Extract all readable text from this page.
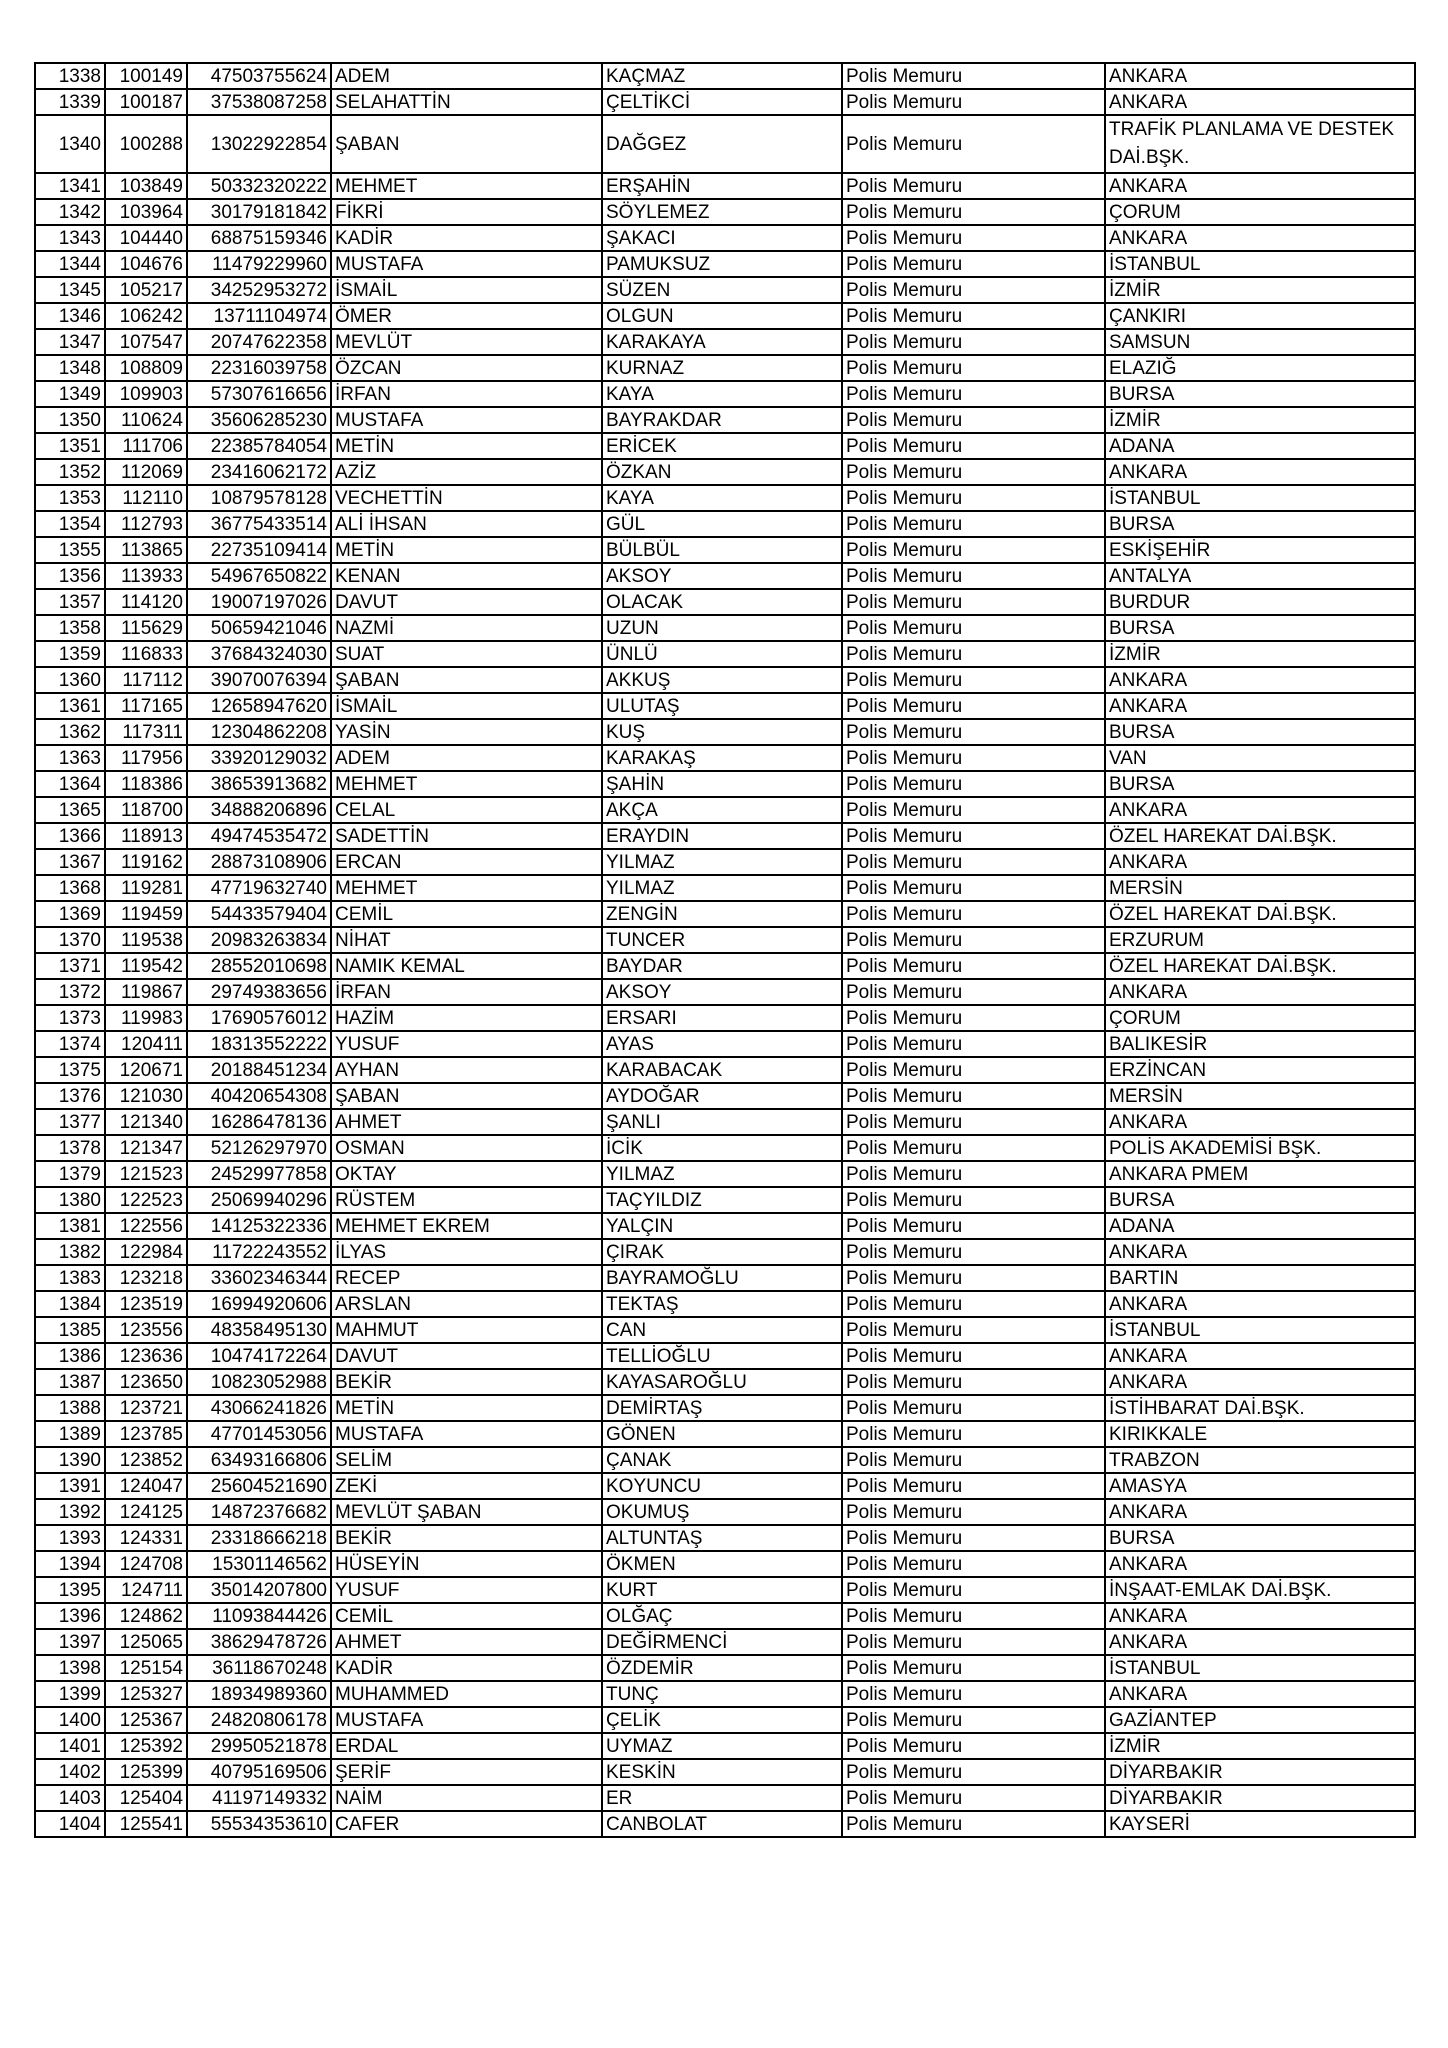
1338	100149	47503755624	ADEM	KAÇMAZ	Polis Memuru	ANKARA
1339	100187	37538087258	SELAHATTİN	ÇELTİKCİ	Polis Memuru	ANKARA
1340	100288	13022922854	ŞABAN	DAĞGEZ	Polis Memuru	TRAFİK PLANLAMA VE DESTEK DAİ.BŞK.
1341	103849	50332320222	MEHMET	ERŞAHİN	Polis Memuru	ANKARA
1342	103964	30179181842	FİKRİ	SÖYLEMEZ	Polis Memuru	ÇORUM
1343	104440	68875159346	KADİR	ŞAKACI	Polis Memuru	ANKARA
1344	104676	11479229960	MUSTAFA	PAMUKSUZ	Polis Memuru	İSTANBUL
1345	105217	34252953272	İSMAİL	SÜZEN	Polis Memuru	İZMİR
1346	106242	13711104974	ÖMER	OLGUN	Polis Memuru	ÇANKIRI
1347	107547	20747622358	MEVLÜT	KARAKAYA	Polis Memuru	SAMSUN
1348	108809	22316039758	ÖZCAN	KURNAZ	Polis Memuru	ELAZIĞ
1349	109903	57307616656	İRFAN	KAYA	Polis Memuru	BURSA
1350	110624	35606285230	MUSTAFA	BAYRAKDAR	Polis Memuru	İZMİR
1351	111706	22385784054	METİN	ERİCEK	Polis Memuru	ADANA
1352	112069	23416062172	AZİZ	ÖZKAN	Polis Memuru	ANKARA
1353	112110	10879578128	VECHETTİN	KAYA	Polis Memuru	İSTANBUL
1354	112793	36775433514	ALİ İHSAN	GÜL	Polis Memuru	BURSA
1355	113865	22735109414	METİN	BÜLBÜL	Polis Memuru	ESKİŞEHİR
1356	113933	54967650822	KENAN	AKSOY	Polis Memuru	ANTALYA
1357	114120	19007197026	DAVUT	OLACAK	Polis Memuru	BURDUR
1358	115629	50659421046	NAZMİ	UZUN	Polis Memuru	BURSA
1359	116833	37684324030	SUAT	ÜNLÜ	Polis Memuru	İZMİR
1360	117112	39070076394	ŞABAN	AKKUŞ	Polis Memuru	ANKARA
1361	117165	12658947620	İSMAİL	ULUTAŞ	Polis Memuru	ANKARA
1362	117311	12304862208	YASİN	KUŞ	Polis Memuru	BURSA
1363	117956	33920129032	ADEM	KARAKAŞ	Polis Memuru	VAN
1364	118386	38653913682	MEHMET	ŞAHİN	Polis Memuru	BURSA
1365	118700	34888206896	CELAL	AKÇA	Polis Memuru	ANKARA
1366	118913	49474535472	SADETTİN	ERAYDIN	Polis Memuru	ÖZEL HAREKAT DAİ.BŞK.
1367	119162	28873108906	ERCAN	YILMAZ	Polis Memuru	ANKARA
1368	119281	47719632740	MEHMET	YILMAZ	Polis Memuru	MERSİN
1369	119459	54433579404	CEMİL	ZENGİN	Polis Memuru	ÖZEL HAREKAT DAİ.BŞK.
1370	119538	20983263834	NİHAT	TUNCER	Polis Memuru	ERZURUM
1371	119542	28552010698	NAMIK KEMAL	BAYDAR	Polis Memuru	ÖZEL HAREKAT DAİ.BŞK.
1372	119867	29749383656	İRFAN	AKSOY	Polis Memuru	ANKARA
1373	119983	17690576012	HAZİM	ERSARI	Polis Memuru	ÇORUM
1374	120411	18313552222	YUSUF	AYAS	Polis Memuru	BALIKESİR
1375	120671	20188451234	AYHAN	KARABACAK	Polis Memuru	ERZİNCAN
1376	121030	40420654308	ŞABAN	AYDOĞAR	Polis Memuru	MERSİN
1377	121340	16286478136	AHMET	ŞANLI	Polis Memuru	ANKARA
1378	121347	52126297970	OSMAN	İCİK	Polis Memuru	POLİS AKADEMİSİ BŞK.
1379	121523	24529977858	OKTAY	YILMAZ	Polis Memuru	ANKARA PMEM
1380	122523	25069940296	RÜSTEM	TAÇYILDIZ	Polis Memuru	BURSA
1381	122556	14125322336	MEHMET EKREM	YALÇIN	Polis Memuru	ADANA
1382	122984	11722243552	İLYAS	ÇIRAK	Polis Memuru	ANKARA
1383	123218	33602346344	RECEP	BAYRAMOĞLU	Polis Memuru	BARTIN
1384	123519	16994920606	ARSLAN	TEKTAŞ	Polis Memuru	ANKARA
1385	123556	48358495130	MAHMUT	CAN	Polis Memuru	İSTANBUL
1386	123636	10474172264	DAVUT	TELLİOĞLU	Polis Memuru	ANKARA
1387	123650	10823052988	BEKİR	KAYASAROĞLU	Polis Memuru	ANKARA
1388	123721	43066241826	METİN	DEMİRTAŞ	Polis Memuru	İSTİHBARAT DAİ.BŞK.
1389	123785	47701453056	MUSTAFA	GÖNEN	Polis Memuru	KIRIKKALE
1390	123852	63493166806	SELİM	ÇANAK	Polis Memuru	TRABZON
1391	124047	25604521690	ZEKİ	KOYUNCU	Polis Memuru	AMASYA
1392	124125	14872376682	MEVLÜT ŞABAN	OKUMUŞ	Polis Memuru	ANKARA
1393	124331	23318666218	BEKİR	ALTUNTAŞ	Polis Memuru	BURSA
1394	124708	15301146562	HÜSEYİN	ÖKMEN	Polis Memuru	ANKARA
1395	124711	35014207800	YUSUF	KURT	Polis Memuru	İNŞAAT-EMLAK DAİ.BŞK.
1396	124862	11093844426	CEMİL	OLĞAÇ	Polis Memuru	ANKARA
1397	125065	38629478726	AHMET	DEĞİRMENCİ	Polis Memuru	ANKARA
1398	125154	36118670248	KADİR	ÖZDEMİR	Polis Memuru	İSTANBUL
1399	125327	18934989360	MUHAMMED	TUNÇ	Polis Memuru	ANKARA
1400	125367	24820806178	MUSTAFA	ÇELİK	Polis Memuru	GAZİANTEP
1401	125392	29950521878	ERDAL	UYMAZ	Polis Memuru	İZMİR
1402	125399	40795169506	ŞERİF	KESKİN	Polis Memuru	DİYARBAKIR
1403	125404	41197149332	NAİM	ER	Polis Memuru	DİYARBAKIR
1404	125541	55534353610	CAFER	CANBOLAT	Polis Memuru	KAYSERİ
